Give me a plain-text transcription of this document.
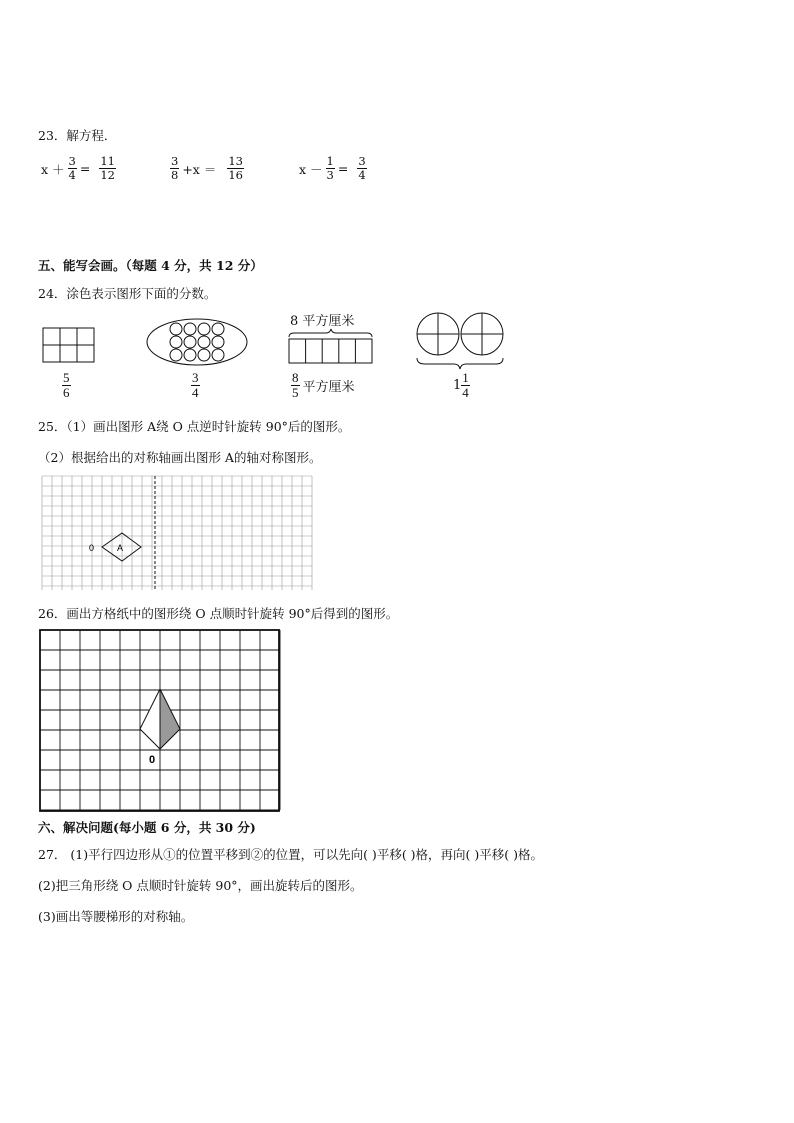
23．解方程．
$x + \frac{3}{4} = \frac{11}{12}$	$\frac{3}{8} +x = \frac{13}{16}$	$x - \frac{1}{3} = \frac{3}{4}$
五、能写会画。（每题 4 分，共 12 分）
24．涂色表示图形下面的分数。
8 平方厘米
$\frac{5}{6}$	$\frac{3}{4}$	$\frac{8}{5}$ 平方厘米	$1 \frac{1}{4}$
25．（1）画出图形 A绕 O 点逆时针旋转 90°后的图形。
（2）根据给出的对称轴画出图形 A的轴对称图形。
A
0
26．画出方格纸中的图形绕 O 点顺时针旋转 90°后得到的图形。
0
六、解决问题(每小题 6 分，共 30 分)
27． (1)平行四边形从①的位置平移到②的位置，可以先向( )平移( )格，再向( )平移( )格。
(2)把三角形绕 O 点顺时针旋转 90°，画出旋转后的图形。
(3)画出等腰梯形的对称轴。
